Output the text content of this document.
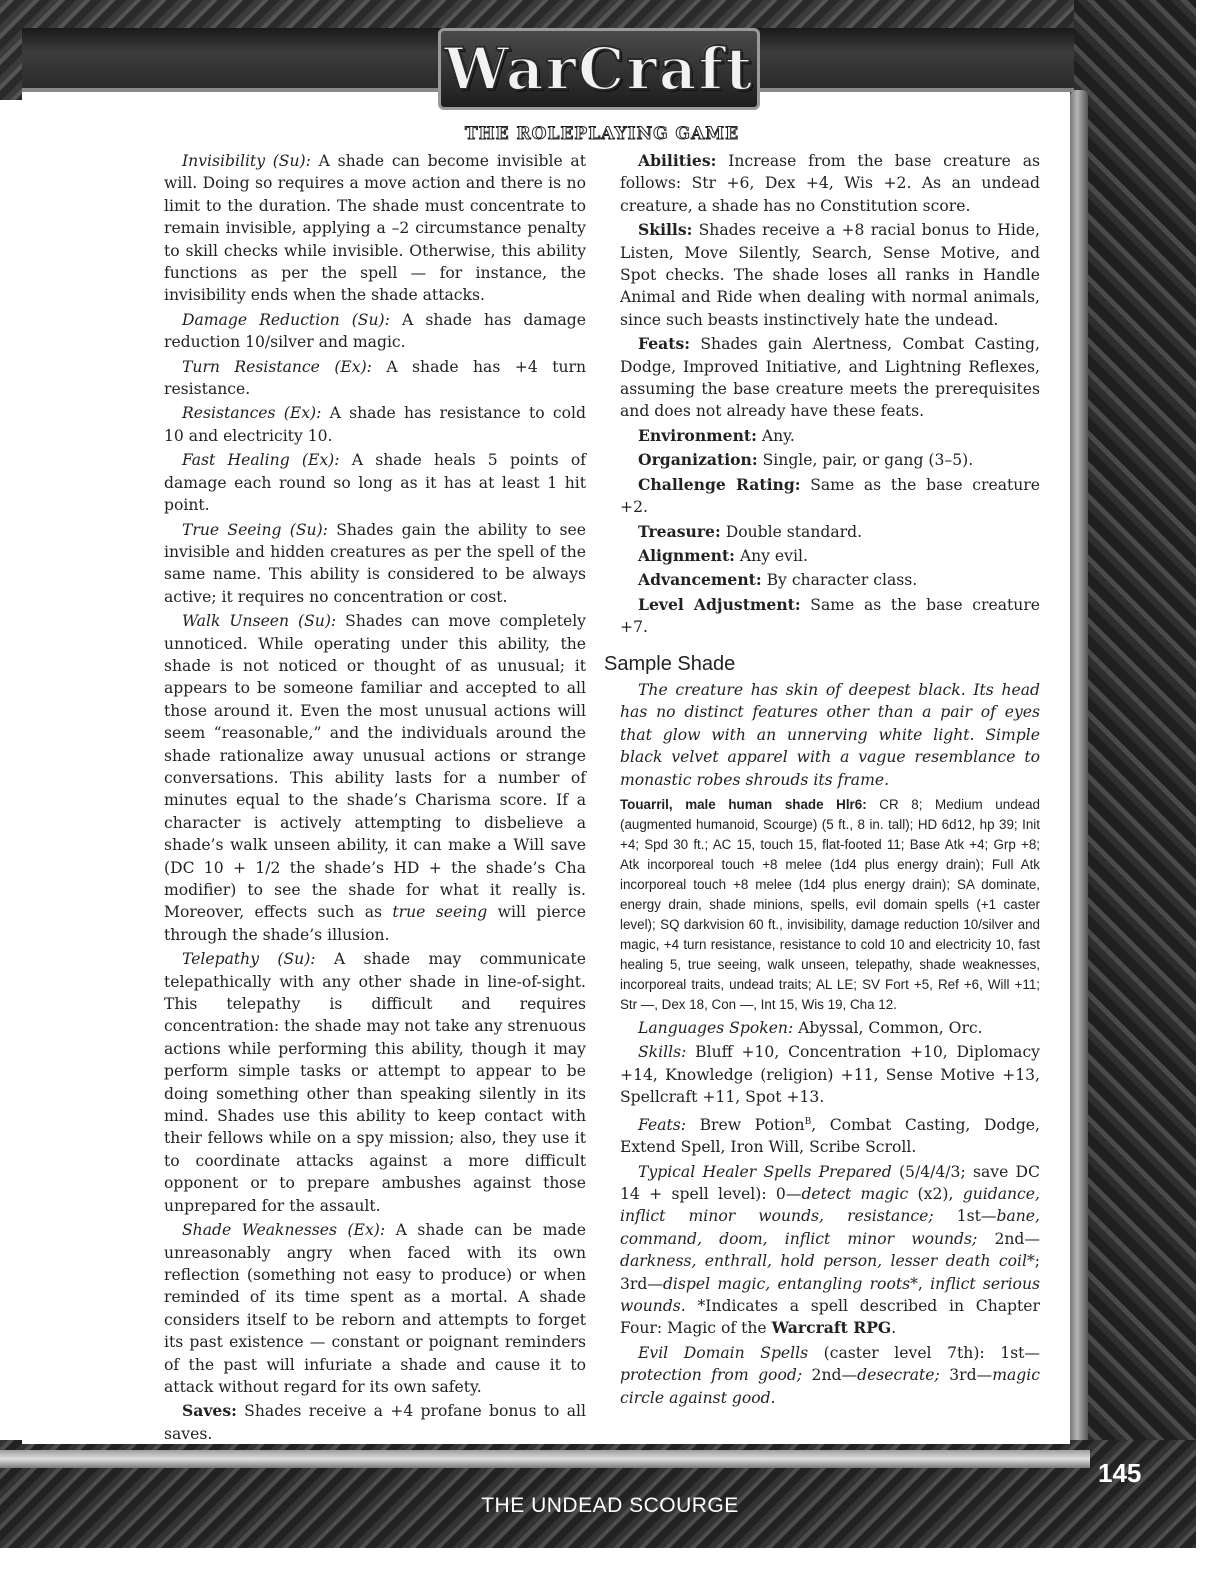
WarCraft
THE ROLEPLAYING GAME
THE UNDEAD SCOURGE
145

Invisibility (Su): A shade can become invisible at will. Doing so requires a move action and there is no limit to the duration. The shade must concentrate to remain invisible, applying a –2 circumstance penalty to skill checks while invisible. Otherwise, this ability functions as per the spell — for instance, the invisibility ends when the shade attacks.

Damage Reduction (Su): A shade has damage reduction 10/silver and magic.

Turn Resistance (Ex): A shade has +4 turn resistance.

Resistances (Ex): A shade has resistance to cold 10 and electricity 10.

Fast Healing (Ex): A shade heals 5 points of damage each round so long as it has at least 1 hit point.

True Seeing (Su): Shades gain the ability to see invisible and hidden creatures as per the spell of the same name. This ability is considered to be always active; it requires no concentration or cost.

Walk Unseen (Su): Shades can move completely unnoticed. While operating under this ability, the shade is not noticed or thought of as unusual; it appears to be someone familiar and accepted to all those around it. Even the most unusual actions will seem “reasonable,” and the individuals around the shade rationalize away unusual actions or strange conversations. This ability lasts for a number of minutes equal to the shade’s Charisma score. If a character is actively attempting to disbelieve a shade’s walk unseen ability, it can make a Will save (DC 10 + 1/2 the shade’s HD + the shade’s Cha modifier) to see the shade for what it really is. Moreover, effects such as true seeing will pierce through the shade’s illusion.

Telepathy (Su): A shade may communicate telepathically with any other shade in line-of-sight. This telepathy is difficult and requires concentration: the shade may not take any strenuous actions while performing this ability, though it may perform simple tasks or attempt to appear to be doing something other than speaking silently in its mind. Shades use this ability to keep contact with their fellows while on a spy mission; also, they use it to coordinate attacks against a more difficult opponent or to prepare ambushes against those unprepared for the assault.

Shade Weaknesses (Ex): A shade can be made unreasonably angry when faced with its own reflection (something not easy to produce) or when reminded of its time spent as a mortal. A shade considers itself to be reborn and attempts to forget its past existence — constant or poignant reminders of the past will infuriate a shade and cause it to attack without regard for its own safety.

Saves: Shades receive a +4 profane bonus to all saves.

Abilities: Increase from the base creature as follows: Str +6, Dex +4, Wis +2. As an undead creature, a shade has no Constitution score.

Skills: Shades receive a +8 racial bonus to Hide, Listen, Move Silently, Search, Sense Motive, and Spot checks. The shade loses all ranks in Handle Animal and Ride when dealing with normal animals, since such beasts instinctively hate the undead.

Feats: Shades gain Alertness, Combat Casting, Dodge, Improved Initiative, and Lightning Reflexes, assuming the base creature meets the prerequisites and does not already have these feats.

Environment: Any.

Organization: Single, pair, or gang (3–5).

Challenge Rating: Same as the base creature +2.

Treasure: Double standard.

Alignment: Any evil.

Advancement: By character class.

Level Adjustment: Same as the base creature +7.

Sample Shade

The creature has skin of deepest black. Its head has no distinct features other than a pair of eyes that glow with an unnerving white light. Simple black velvet apparel with a vague resemblance to monastic robes shrouds its frame.

Touarril, male human shade Hlr6: CR 8; Medium undead (augmented humanoid, Scourge) (5 ft., 8 in. tall); HD 6d12, hp 39; Init +4; Spd 30 ft.; AC 15, touch 15, flat-footed 11; Base Atk +4; Grp +8; Atk incorporeal touch +8 melee (1d4 plus energy drain); Full Atk incorporeal touch +8 melee (1d4 plus energy drain); SA dominate, energy drain, shade minions, spells, evil domain spells (+1 caster level); SQ darkvision 60 ft., invisibility, damage reduction 10/silver and magic, +4 turn resistance, resistance to cold 10 and electricity 10, fast healing 5, true seeing, walk unseen, telepathy, shade weaknesses, incorporeal traits, undead traits; AL LE; SV Fort +5, Ref +6, Will +11; Str —, Dex 18, Con —, Int 15, Wis 19, Cha 12.

Languages Spoken: Abyssal, Common, Orc.

Skills: Bluff +10, Concentration +10, Diplomacy +14, Knowledge (religion) +11, Sense Motive +13, Spellcraft +11, Spot +13.

Feats: Brew Potion$^B$, Combat Casting, Dodge, Extend Spell, Iron Will, Scribe Scroll.

Typical Healer Spells Prepared (5/4/4/3; save DC 14 + spell level): 0—detect magic (x2), guidance, inflict minor wounds, resistance; 1st—bane, command, doom, inflict minor wounds; 2nd—darkness, enthrall, hold person, lesser death coil*; 3rd—dispel magic, entangling roots*, inflict serious wounds. *Indicates a spell described in Chapter Four: Magic of the Warcraft RPG.

Evil Domain Spells (caster level 7th): 1st—protection from good; 2nd—desecrate; 3rd—magic circle against good.
